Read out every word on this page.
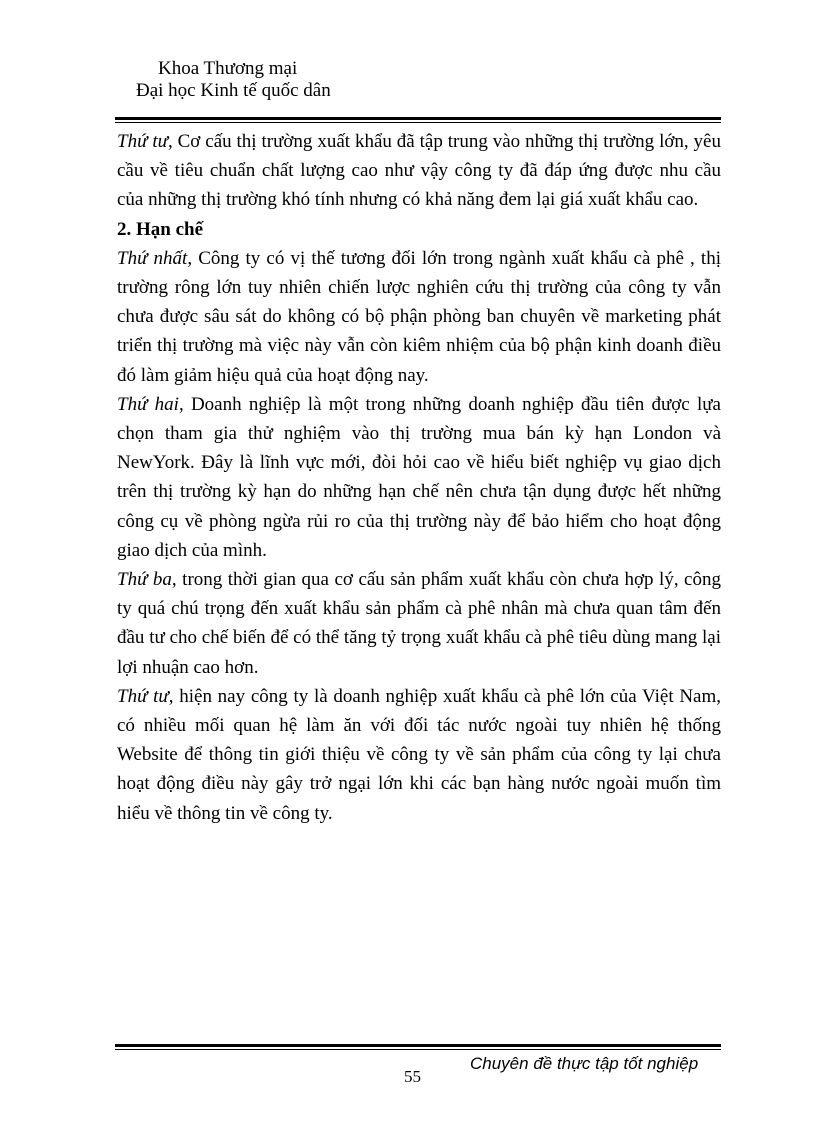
Khoa Thương mại
Đại học Kinh tế quốc dân

Thứ tư, Cơ cấu thị trường xuất khẩu đã tập trung vào những thị trường lớn, yêu cầu về tiêu chuẩn chất lượng cao như vậy công ty đã đáp ứng được nhu cầu của những thị trường khó tính nhưng có khả năng đem lại giá xuất khẩu cao.

2. Hạn chế

Thứ nhất, Công ty có vị thế tương đối lớn trong ngành xuất khẩu cà phê , thị trường rông lớn tuy nhiên chiến lược nghiên cứu thị trường của công ty vẫn chưa được sâu sát do không có bộ phận phòng ban chuyên về marketing phát triển thị trường mà việc này vẫn còn kiêm nhiệm của bộ phận kinh doanh điều đó làm giảm hiệu quả của hoạt động nay.

Thứ hai, Doanh nghiệp là một trong những doanh nghiệp đầu tiên được lựa chọn tham gia thử nghiệm vào thị trường mua bán kỳ hạn London và NewYork. Đây là lĩnh vực mới, đòi hỏi cao về hiểu biết nghiệp vụ giao dịch trên thị trường kỳ hạn do những hạn chế nên chưa tận dụng được hết những công cụ về phòng ngừa rủi ro của thị trường này để bảo hiểm cho hoạt động giao dịch của mình.

Thứ ba, trong thời gian qua cơ cấu sản phẩm xuất khẩu còn chưa hợp lý, công ty quá chú trọng đến xuất khẩu sản phẩm cà phê nhân mà chưa quan tâm đến đầu tư cho chế biến để có thể tăng tỷ trọng xuất khẩu cà phê tiêu dùng mang lại lợi nhuận cao hơn.

Thứ tư, hiện nay công ty là doanh nghiệp xuất khẩu cà phê lớn của Việt Nam, có nhiều mối quan hệ làm ăn với đối tác nước ngoài tuy nhiên hệ thống Website để thông tin giới thiệu về công ty về sản phẩm của công ty lại chưa hoạt động điều này gây trở ngại lớn khi các bạn hàng nước ngoài muốn tìm hiểu về thông tin về công ty.

Chuyên đề thực tập tốt nghiệp
55
